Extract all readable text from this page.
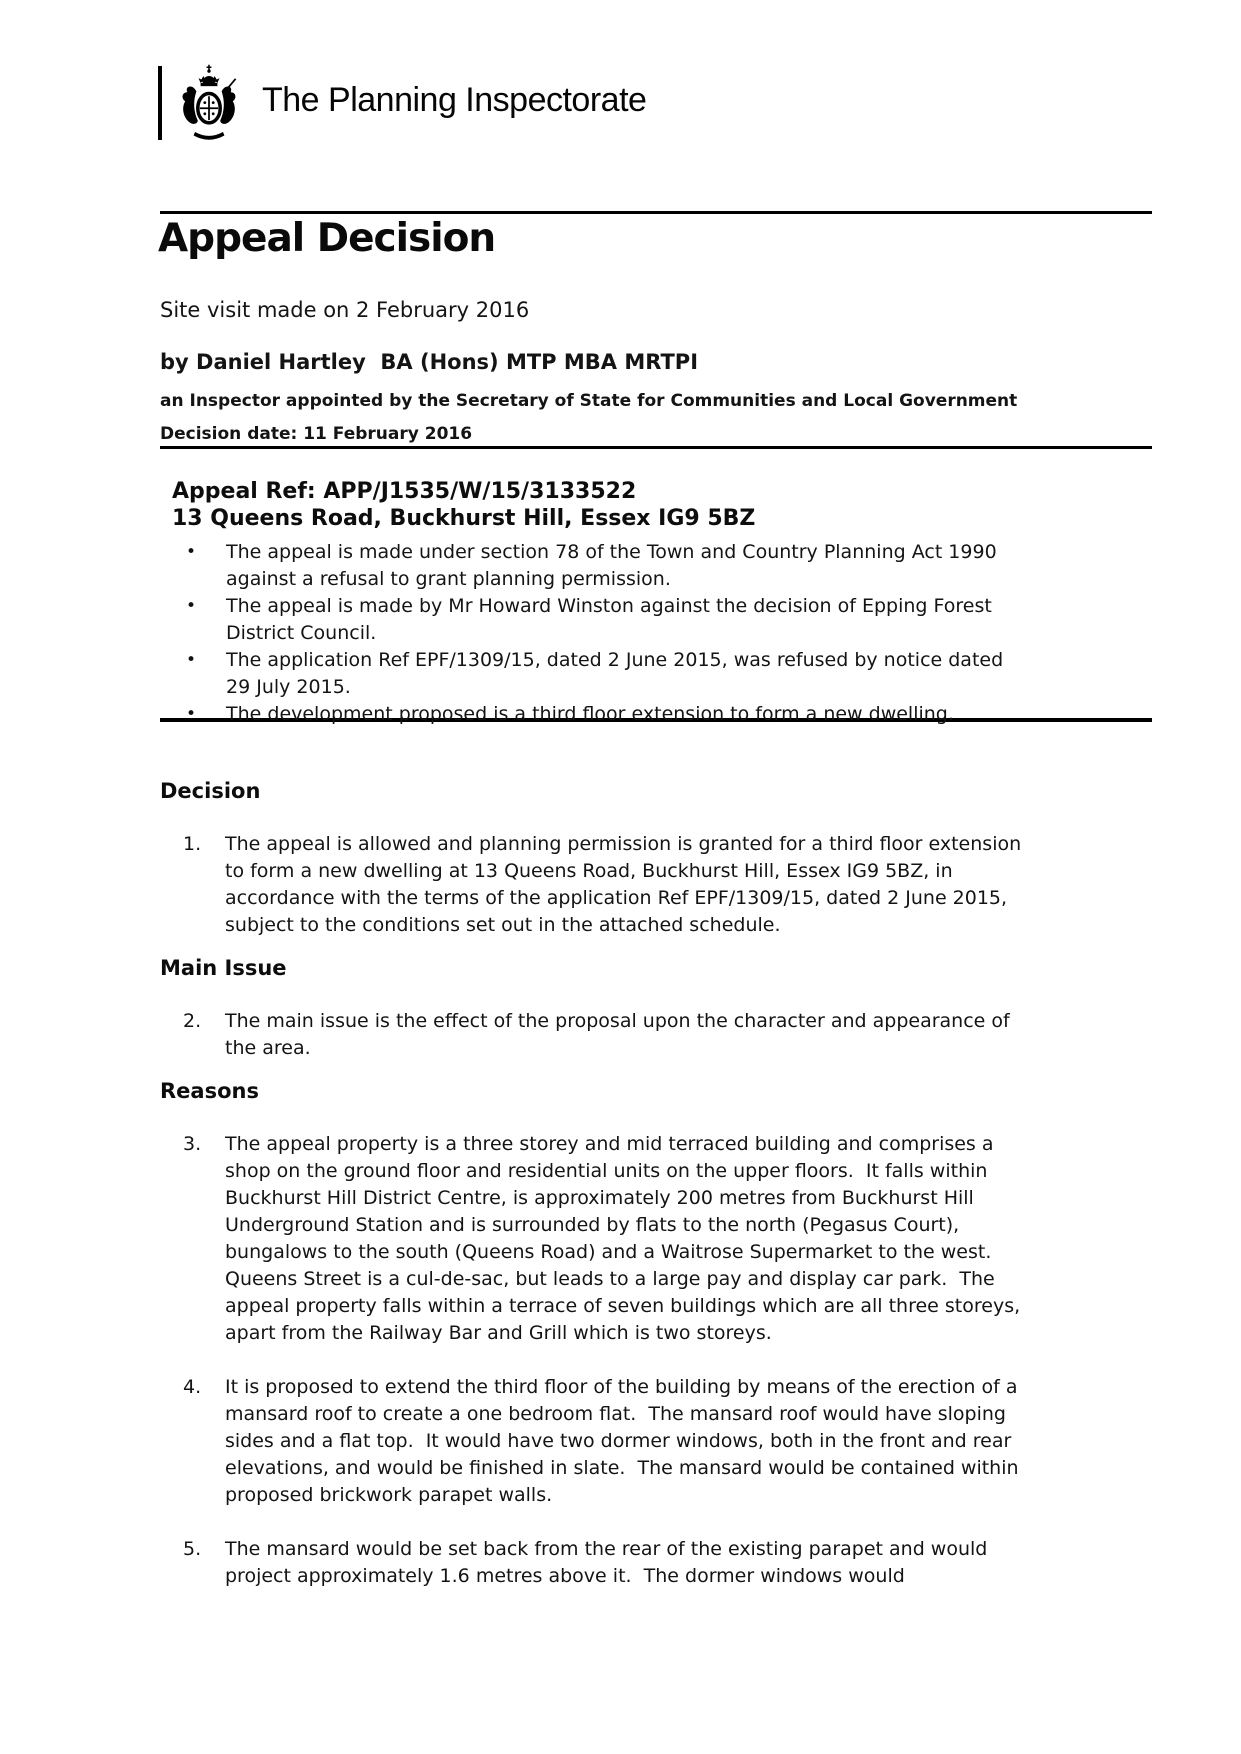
The Planning Inspectorate
Appeal Decision
Site visit made on 2 February 2016
by Daniel Hartley  BA (Hons) MTP MBA MRTPI
an Inspector appointed by the Secretary of State for Communities and Local Government
Decision date: 11 February 2016
Appeal Ref: APP/J1535/W/15/3133522
13 Queens Road, Buckhurst Hill, Essex IG9 5BZ
•	The appeal is made under section 78 of the Town and Country Planning Act 1990 against a refusal to grant planning permission.
•	The appeal is made by Mr Howard Winston against the decision of Epping Forest District Council.
•	The application Ref EPF/1309/15, dated 2 June 2015, was refused by notice dated 29 July 2015.
•	The development proposed is a third floor extension to form a new dwelling.
Decision
1.	The appeal is allowed and planning permission is granted for a third floor extension to form a new dwelling at 13 Queens Road, Buckhurst Hill, Essex IG9 5BZ, in accordance with the terms of the application Ref EPF/1309/15, dated 2 June 2015, subject to the conditions set out in the attached schedule.
Main Issue
2.	The main issue is the effect of the proposal upon the character and appearance of the area.
Reasons
3.	The appeal property is a three storey and mid terraced building and comprises a shop on the ground floor and residential units on the upper floors.  It falls within Buckhurst Hill District Centre, is approximately 200 metres from Buckhurst Hill Underground Station and is surrounded by flats to the north (Pegasus Court), bungalows to the south (Queens Road) and a Waitrose Supermarket to the west.  Queens Street is a cul-de-sac, but leads to a large pay and display car park.  The appeal property falls within a terrace of seven buildings which are all three storeys, apart from the Railway Bar and Grill which is two storeys.
4.	It is proposed to extend the third floor of the building by means of the erection of a mansard roof to create a one bedroom flat.  The mansard roof would have sloping sides and a flat top.  It would have two dormer windows, both in the front and rear elevations, and would be finished in slate.  The mansard would be contained within proposed brickwork parapet walls.
5.	The mansard would be set back from the rear of the existing parapet and would project approximately 1.6 metres above it.  The dormer windows would
